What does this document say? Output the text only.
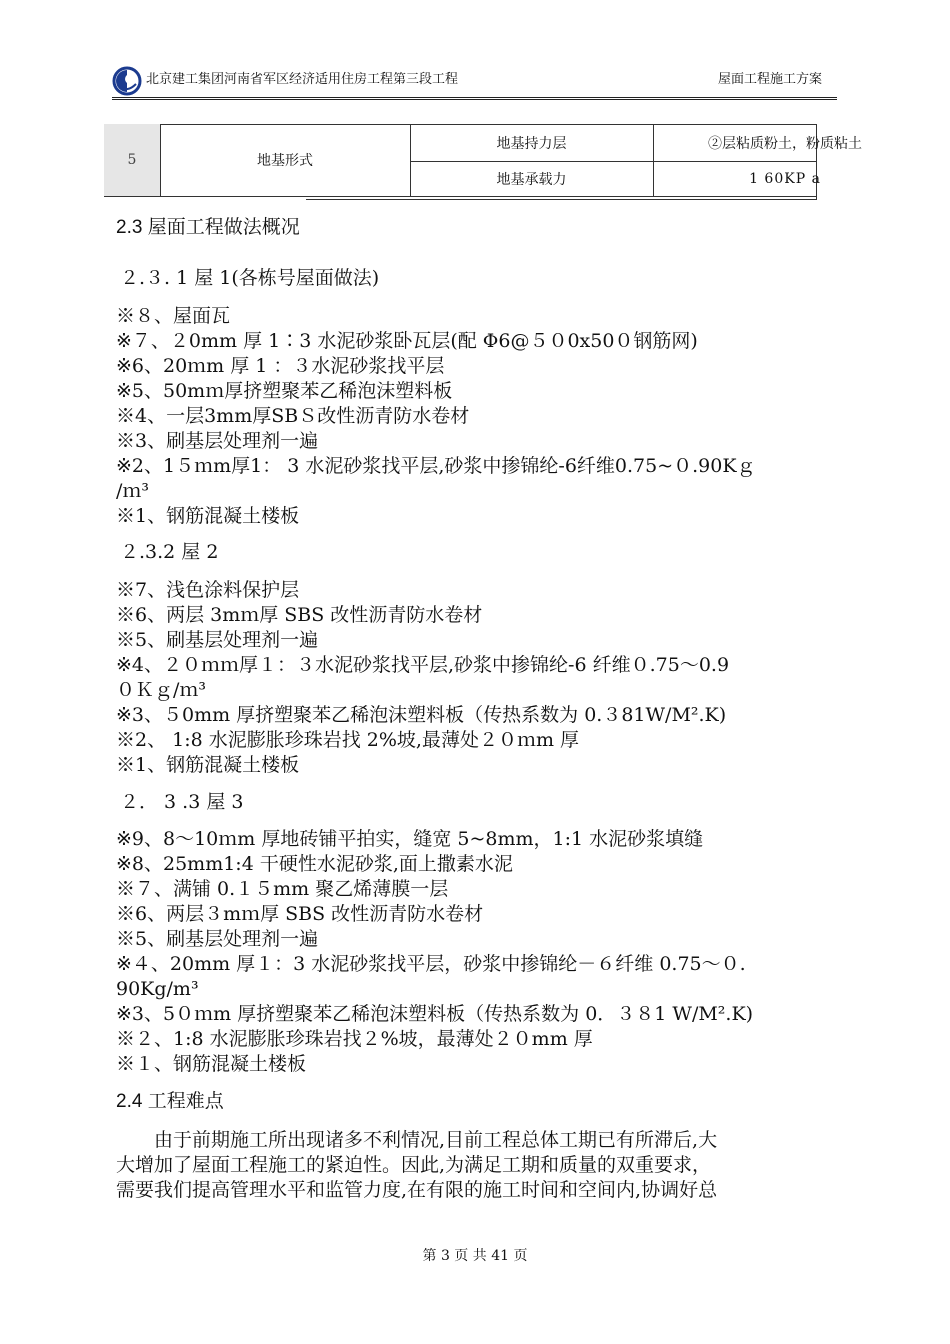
北京建工集团河南省军区经济适用住房工程第三段工程	屋面工程施工方案
5	地基形式
地基持力层	②层粘质粉土，粉质粘土
地基承载力	1 60KP a
2.3 屋面工程做法概况
２.３. 1 屋 1(各栋号屋面做法)
※８、屋面瓦
※７、２0mm 厚 1∶3 水泥砂浆卧瓦层(配 Φ6@５０0x50０钢筋网)
※6、20ｍm 厚 1 ：３水泥砂浆找平层
※5、50mｍ厚挤塑聚苯乙稀泡沫塑料板
※4、一层3mm厚SBＳ改性沥青防水卷材
※3、刷基层处理剂一遍
※2、1５ｍm厚1： 3 水泥砂浆找平层,砂浆中掺锦纶-6纤维0.75~０.90Kｇ
/ｍ³
※1、钢筋混凝土楼板
２.3.2 屋 2
※7、浅色涂料保护层
※6、两层 3mｍ厚 SBS 改性沥青防水卷材
※5、刷基层处理剂一遍
※4、２０ｍｍ厚１：３水泥砂浆找平层,砂浆中掺锦纶-6 纤维０.75～0.9
０Ｋｇ/ｍ³
※3、５0mm 厚挤塑聚苯乙稀泡沫塑料板（传热系数为 0.３81W/M².K)
※2、 1:8 水泥膨胀珍珠岩找 2%坡,最薄处２０ｍm 厚
※1、钢筋混凝土楼板
２． 3 .3 屋 3
※9、8～10ｍm 厚地砖铺平拍实，缝宽 5~8mm，1:1 水泥砂浆填缝
※8、25mm1:4 干硬性水泥砂浆,面上撒素水泥
※７、满铺 0.１５mm 聚乙烯薄膜一层
※6、两层３mｍ厚 SBS 改性沥青防水卷材
※5、刷基层处理剂一遍
※４、20mm 厚１：3 水泥砂浆找平层，砂浆中掺锦纶－６纤维 0.75～０.
90Kg/m³
※3、5０ｍm 厚挤塑聚苯乙稀泡沫塑料板（传热系数为 0．３８1 W/M².K)
※２、1:8 水泥膨胀珍珠岩找２%坡，最薄处２０mm 厚
※１、钢筋混凝土楼板
2.4 工程难点
　　由于前期施工所出现诸多不利情况,目前工程总体工期已有所滞后,大
大增加了屋面工程施工的紧迫性。因此,为满足工期和质量的双重要求，
需要我们提高管理水平和监管力度,在有限的施工时间和空间内,协调好总
第 3 页 共 41 页
